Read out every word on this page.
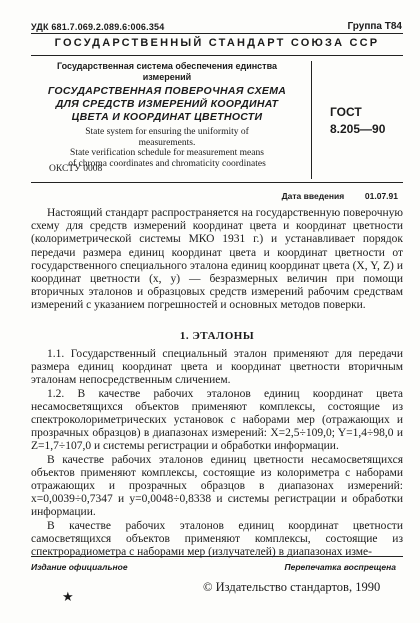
УДК 681.7.069.2.089.6:006.354	Группа Т84
ГОСУДАРСТВЕННЫЙ СТАНДАРТ СОЮЗА ССР
Государственная система обеспечения единства
измерений
ГОСУДАРСТВЕННАЯ ПОВЕРОЧНАЯ СХЕМА
ДЛЯ СРЕДСТВ ИЗМЕРЕНИЙ КООРДИНАТ
ЦВЕТА И КООРДИНАТ ЦВЕТНОСТИ
State system for ensuring the uniformity of
measurements.
State verification schedule for measurement means
of chroma coordinates and chromaticity coordinates
ОКСТУ 0008
ГОСТ
8.205—90
Дата введения 01.07.91

Настоящий стандарт распространяется на государственную поверочную схему для средств измерений координат цвета и координат цветности (колориметрической системы МКО 1931 г.) и устанавливает порядок передачи размера единиц координат цвета и координат цветности от государственного специального эталона единиц координат цвета (X, Y, Z) и координат цветности (x, y) — безразмерных величин при помощи вторичных эталонов и образцовых средств измерений рабочим средствам измерений с указанием погрешностей и основных методов поверки.

1. ЭТАЛОНЫ

1.1. Государственный специальный эталон применяют для передачи размера единиц координат цвета и координат цветности вторичным эталонам непосредственным сличением.

1.2. В качестве рабочих эталонов единиц координат цвета несамосветящихся объектов применяют комплексы, состоящие из спектроколориметрических установок с наборами мер (отражающих и прозрачных образцов) в диапазонах измерений: X=2,5÷109,0; Y=1,4÷98,0 и Z=1,7÷107,0 и системы регистрации и обработки информации.

В качестве рабочих эталонов единиц цветности несамосветящихся объектов применяют комплексы, состоящие из колориметра с наборами отражающих и прозрачных образцов в диапазонах измерений: x=0,0039÷0,7347 и y=0,0048÷0,8338 и системы регистрации и обработки информации.

В качестве рабочих эталонов единиц координат цветности самосветящихся объектов применяют комплексы, состоящие из спектрорадиометра с наборами мер (излучателей) в диапазонах изме-

Издание официальное	Перепечатка воспрещена
★
© Издательство стандартов, 1990
